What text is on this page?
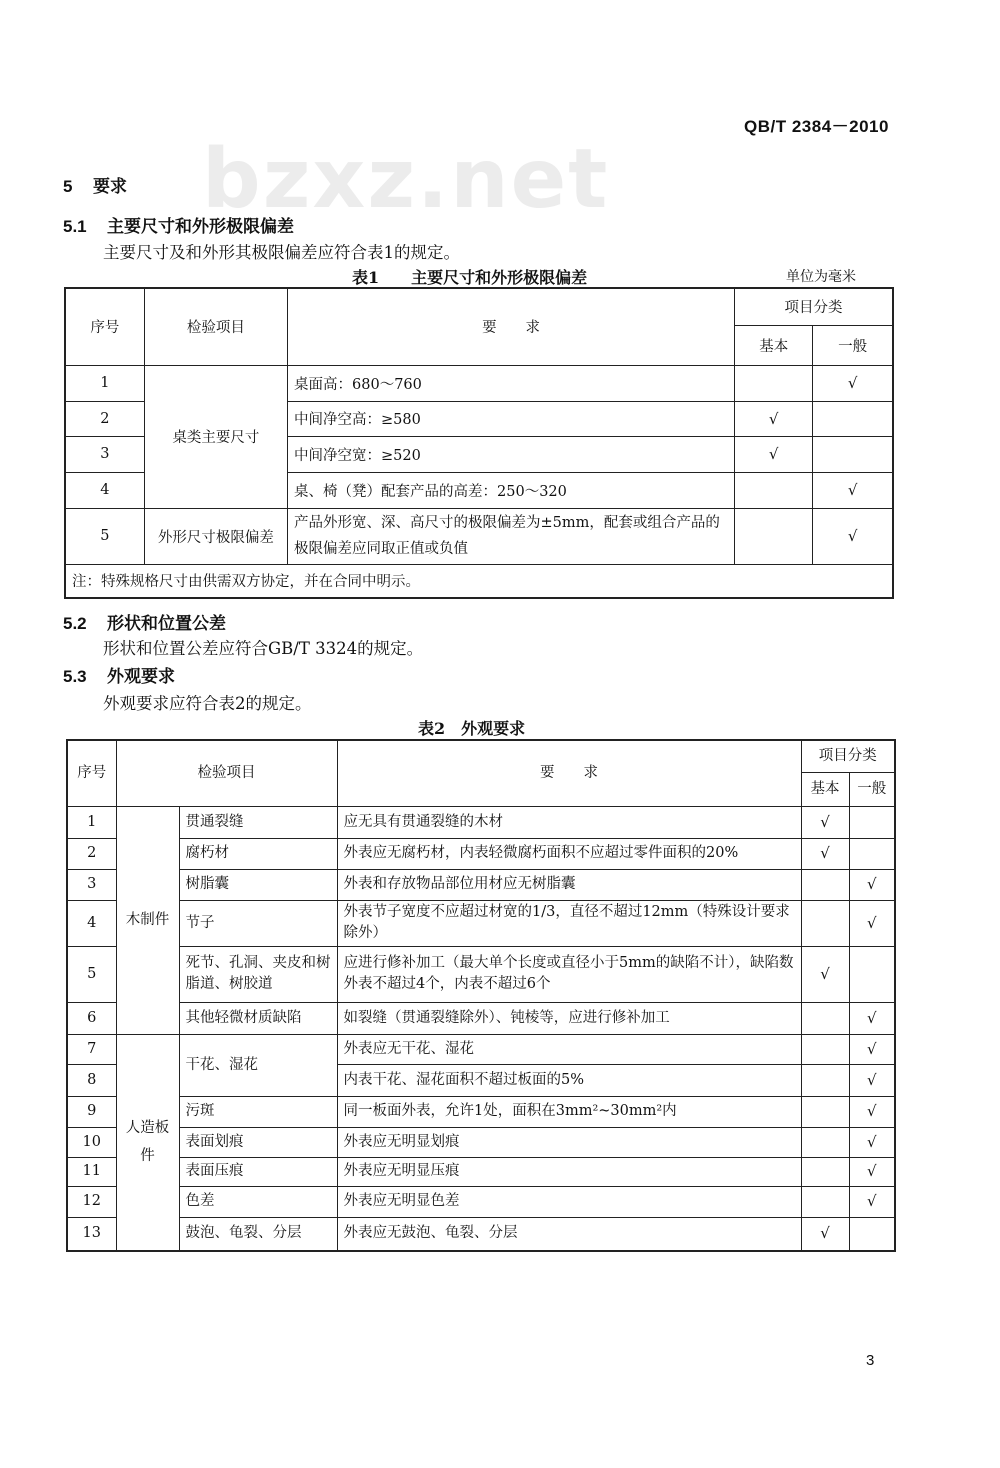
bzxz.net
QB/T 2384－2010
5 要求
5.1 主要尺寸和外形极限偏差
主要尺寸及和外形其极限偏差应符合表1的规定。
表1　　主要尺寸和外形极限偏差	单位为毫米
序号	检验项目	要　　求	项目分类	
			基本	一般
1	桌类主要尺寸	桌面高：680～760		√
2		中间净空高：≥580	√	
3		中间净空宽：≥520	√	
4		桌、椅（凳）配套产品的高差：250～320		√
5	外形尺寸极限偏差	产品外形宽、深、高尺寸的极限偏差为±5mm，配套或组合产品的极限偏差应同取正值或负值		√
注：特殊规格尺寸由供需双方协定，并在合同中明示。				
5.2 形状和位置公差
形状和位置公差应符合GB/T 3324的规定。
5.3 外观要求
外观要求应符合表2的规定。
表2　外观要求
序号	检验项目		要　　求	项目分类	
				基本	一般
1	木制件	贯通裂缝	应无具有贯通裂缝的木材	√	
2		腐朽材	外表应无腐朽材，内表轻微腐朽面积不应超过零件面积的20%	√	
3		树脂囊	外表和存放物品部位用材应无树脂囊		√
4		节子	外表节子宽度不应超过材宽的1/3，直径不超过12mm（特殊设计要求除外）		√
5		死节、孔洞、夹皮和树脂道、树胶道	应进行修补加工（最大单个长度或直径小于5mm的缺陷不计），缺陷数外表不超过4个，内表不超过6个	√	
6		其他轻微材质缺陷	如裂缝（贯通裂缝除外）、钝棱等，应进行修补加工		√
7	人造板件	干花、湿花	外表应无干花、湿花		√
8			内表干花、湿花面积不超过板面的5%		√
9		污斑	同一板面外表，允许1处，面积在3mm²~30mm²内		√
10		表面划痕	外表应无明显划痕		√
11		表面压痕	外表应无明显压痕		√
12		色差	外表应无明显色差		√
13		鼓泡、龟裂、分层	外表应无鼓泡、龟裂、分层	√	
3
